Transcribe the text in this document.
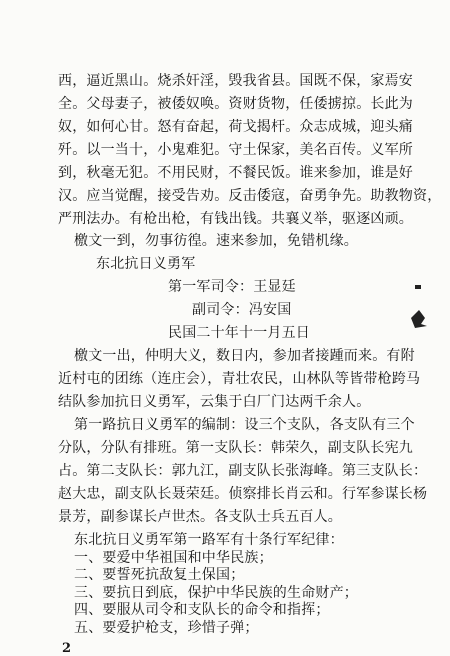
西，逼近黑山。烧杀奸淫，毁我省县。国既不保，家焉安
全。父母妻子，被倭奴唤。资财货物，任倭掳掠。长此为
奴，如何心甘。怒有奋起，荷戈揭杆。众志成城，迎头痛
歼。以一当十，小鬼难犯。守土保家，美名百传。义军所
到，秋毫无犯。不用民财，不餐民饭。谁来参加，谁是好
汉。应当觉醒，接受告劝。反击倭寇，奋勇争先。助教物资，
严刑法办。有枪出枪，有钱出钱。共襄义举，驱逐凶顽。
檄文一到，勿事彷徨。速来参加，免错机缘。
东北抗日义勇军
第一军司令：王显廷
副司令：冯安国
民国二十年十一月五日
檄文一出，仲明大义，数日内，参加者接踵而来。有附
近村屯的团练（连庄会），青壮农民，山林队等皆带枪跨马
结队参加抗日义勇军，云集于白厂门达两千余人。
第一路抗日义勇军的编制：设三个支队，各支队有三个
分队，分队有排班。第一支队长：韩荣久，副支队长宪九
占。第二支队长：郭九江，副支队长张海峰。第三支队长：
赵大忠，副支队长聂荣廷。侦察排长肖云和。行军参谋长杨
景芳，副参谋长卢世杰。各支队士兵五百人。
东北抗日义勇军第一路军有十条行军纪律：
一、要爱中华祖国和中华民族；
二、要誓死抗敌复土保国；
三、要抗日到底，保护中华民族的生命财产；
四、要服从司令和支队长的命令和指挥；
五、要爱护枪支，珍惜子弹；
2
